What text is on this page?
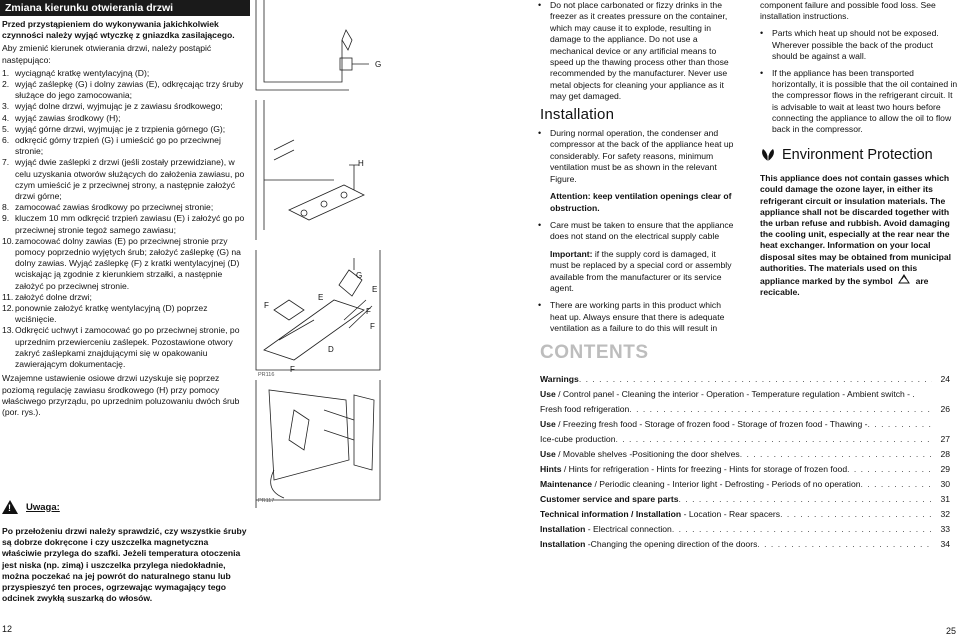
Zmiana kierunku otwierania drzwi
Przed przystąpieniem do wykonywania jakichkolwiek czynności należy wyjąć wtyczkę z gniazdka zasilającego.
Aby zmienić kierunek otwierania drzwi, należy postąpić następująco:
1. wyciągnąć kratkę wentylacyjną (D);
2. wyjąć zaślepkę (G) i dolny zawias (E), odkręcając trzy śruby służące do jego zamocowania;
3. wyjąć dolne drzwi, wyjmując je z zawiasu środkowego;
4. wyjąć zawias środkowy (H);
5. wyjąć górne drzwi, wyjmując je z trzpienia górnego (G);
6. odkręcić górny trzpień (G) i umieścić go po przeciwnej stronie;
7. wyjąć dwie zaślepki z drzwi (jeśli zostały przewidziane), w celu uzyskania otworów służących do założenia zawiasu, po czym umieścić je z przeciwnej strony, a następnie założyć drzwi górne;
8. zamocować zawias środkowy po przeciwnej stronie;
9. kluczem 10 mm odkręcić trzpień zawiasu (E) i założyć go po przeciwnej stronie tegoż samego zawiasu;
10. zamocować dolny zawias (E) po przeciwnej stronie przy pomocy poprzednio wyjętych śrub; założyć zaślepkę (G) na dolny zawias. Wyjąć zaślepkę (F) z kratki wentylacyjnej (D) wciskając ją zgodnie z kierunkiem strzałki, a następnie założyć po przeciwnej stronie.
11. założyć dolne drzwi;
12. ponownie założyć kratkę wentylacyjną (D) poprzez wciśnięcie.
13. Odkręcić uchwyt i zamocować go po przeciwnej stronie, po uprzednim przewierceniu zaślepek. Pozostawione otwory zakryć zaślepkami znajdującymi się w opakowaniu zawierającym dokumentację.
Wzajemne ustawienie osiowe drzwi uzyskuje się poprzez poziomą regulację zawiasu środkowego (H) przy pomocy właściwego przyrządu, po uprzednim poluzowaniu dwóch śrub (por. rys.).
! Uwaga:
Po przełożeniu drzwi należy sprawdzić, czy wszystkie śruby są dobrze dokręcone i czy uszczelka magnetyczna właściwie przylega do szafki. Jeżeli temperatura otoczenia jest niska (np. zimą) i uszczelka przylega niedokładnie, można poczekać na jej powrót do naturalnego stanu lub przyspieszyć ten proces, ogrzewając wymagający tego odcinek zwykłą suszarką do włosów.
12
G
H
F
E
D
G
E
F
F
F
PR116
PR117
•	Do not place carbonated or fizzy drinks in the freezer as it creates pressure on the container, which may cause it to explode, resulting in damage to the appliance. Do not use a mechanical device or any artificial means to speed up the thawing process other than those recommended by the manufacturer. Never use metal objects for cleaning your appliance as it may get damaged.
Installation
•	During normal operation, the condenser and compressor at the back of the appliance heat up considerably. For safety reasons, minimum ventilation must be as shown in the relevant Figure.
Attention: keep ventilation openings clear of obstruction.
•	Care must be taken to ensure that the appliance does not stand on the electrical supply cable
Important: if the supply cord is damaged, it must be replaced by a special cord or assembly available from the manufacturer or its service agent.
•	There are working parts in this product which heat up. Always ensure that there is adequate ventilation as a failure to do this will result in
component failure and possible food loss. See installation instructions.
•	Parts which heat up should not be exposed. Wherever possible the back of the product should be against a wall.
•	If the appliance has been transported horizontally, it is possible that the oil contained in the compressor flows in the refrigerant circuit. It is advisable to wait at least two hours before connecting the appliance to allow the oil to flow back in the compressor.
Environment Protection
This appliance does not contain gasses which could damage the ozone layer, in either its refrigerant circuit or insulation materials. The appliance shall not be discarded together with the urban refuse and rubbish. Avoid damaging the cooling unit, especially at the rear near the heat exchanger. Information on your local disposal sites may be obtained from municipal authorities. The materials used on this appliance marked by the symbol	are recicable.
25
CONTENTS
Warnings . . .	24
Use / Control panel - Cleaning the interior - Operation - Temperature regulation - Ambient switch - .
Fresh food refrigeration . . .	26
Use / Freezing fresh food - Storage of frozen food - Storage of frozen food - Thawing -
. . .
Ice-cube production . . .	27
Use / Movable shelves -Positioning the door shelves . . .	28
Hints / Hints for refrigeration - Hints for freezing - Hints for storage of frozen food . . .	29
Maintenance / Periodic cleaning - Interior light - Defrosting - Periods of no operation . . .	30
Customer service and spare parts . . .	31
Technical information / Installation - Location - Rear spacers . . .	32
Installation - Electrical connection . . .	33
Installation -Changing the opening direction of the doors . . .	34
